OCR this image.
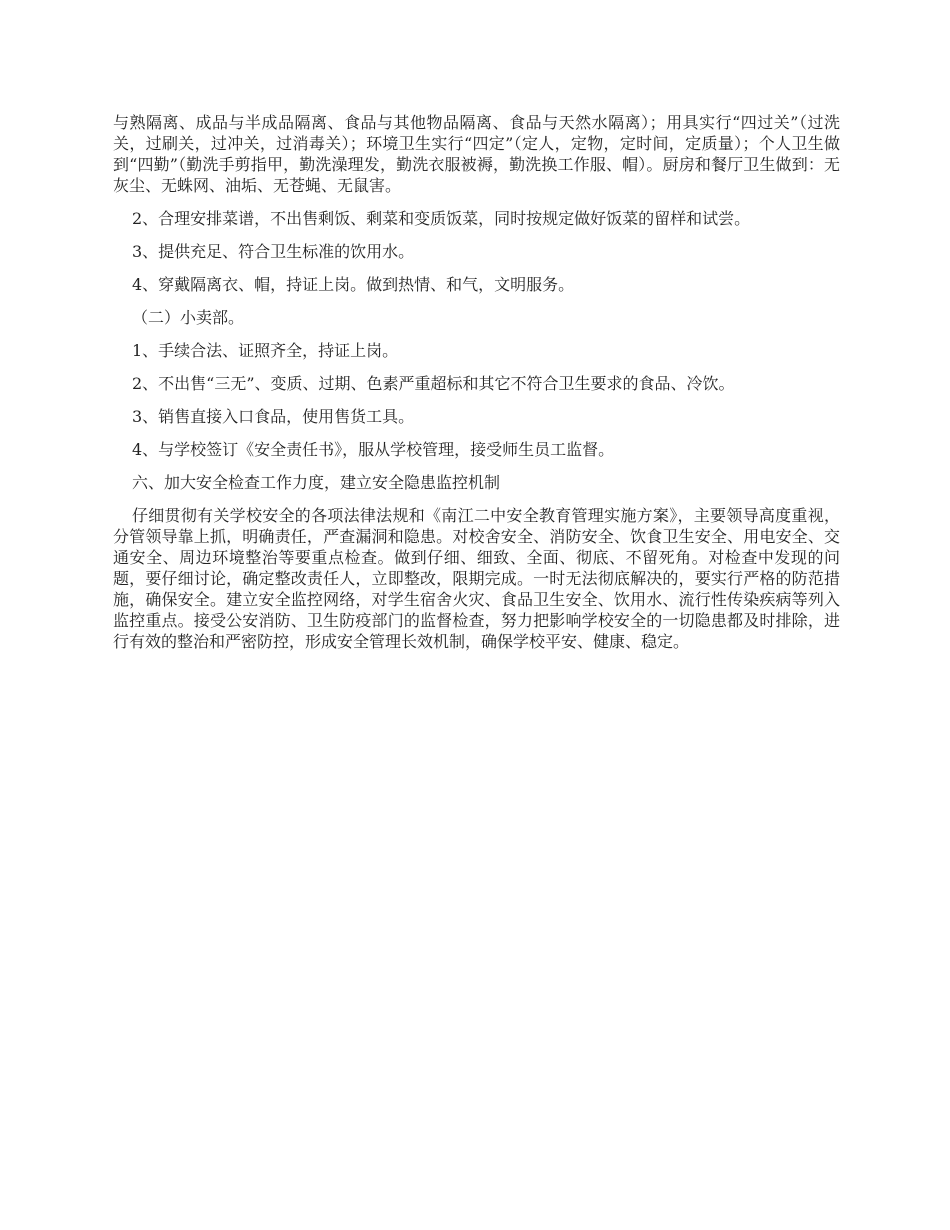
与熟隔离、成品与半成品隔离、食品与其他物品隔离、食品与天然水隔离）；用具实行“四过关”（过洗关，过刷关，过冲关，过消毒关）；环境卫生实行“四定”（定人，定物，定时间，定质量）；个人卫生做到“四勤”（勤洗手剪指甲，勤洗澡理发，勤洗衣服被褥，勤洗换工作服、帽）。厨房和餐厅卫生做到：无灰尘、无蛛网、油垢、无苍蝇、无鼠害。

2、合理安排菜谱，不出售剩饭、剩菜和变质饭菜，同时按规定做好饭菜的留样和试尝。

3、提供充足、符合卫生标准的饮用水。

4、穿戴隔离衣、帽，持证上岗。做到热情、和气，文明服务。

（二）小卖部。

1、手续合法、证照齐全，持证上岗。

2、不出售“三无”、变质、过期、色素严重超标和其它不符合卫生要求的食品、冷饮。

3、销售直接入口食品，使用售货工具。

4、与学校签订《安全责任书》，服从学校管理，接受师生员工监督。

六、加大安全检查工作力度，建立安全隐患监控机制

仔细贯彻有关学校安全的各项法律法规和《南江二中安全教育管理实施方案》，主要领导高度重视，分管领导靠上抓，明确责任，严查漏洞和隐患。对校舍安全、消防安全、饮食卫生安全、用电安全、交通安全、周边环境整治等要重点检查。做到仔细、细致、全面、彻底、不留死角。对检查中发现的问题，要仔细讨论，确定整改责任人，立即整改，限期完成。一时无法彻底解决的，要实行严格的防范措施，确保安全。建立安全监控网络，对学生宿舍火灾、食品卫生安全、饮用水、流行性传染疾病等列入监控重点。接受公安消防、卫生防疫部门的监督检查，努力把影响学校安全的一切隐患都及时排除，进行有效的整治和严密防控，形成安全管理长效机制，确保学校平安、健康、稳定。
